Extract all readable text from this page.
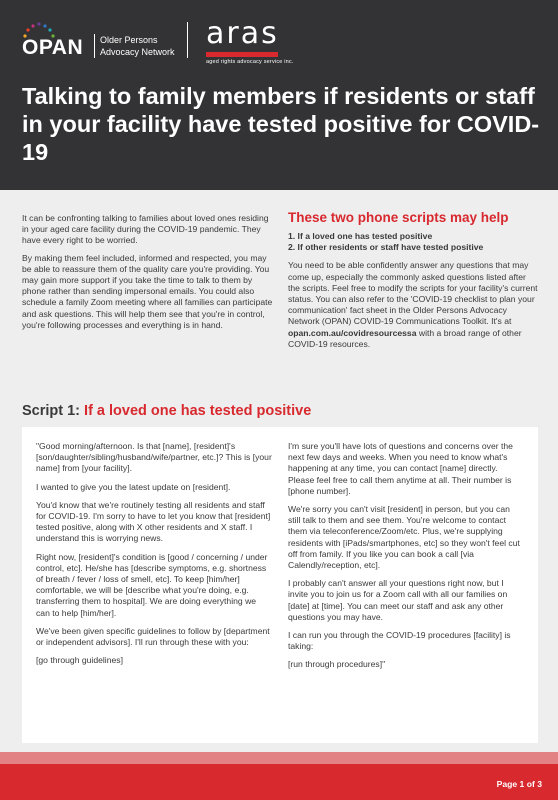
OPAN Older Persons
Advocacy Network
aras
aged rights advocacy service inc.
Talking to family members if residents or staff in your facility have tested positive for COVID-19

It can be confronting talking to families about loved ones residing in your aged care facility during the COVID-19 pandemic. They have every right to be worried.

By making them feel included, informed and respected, you may be able to reassure them of the quality care you're providing. You may gain more support if you take the time to talk to them by phone rather than sending impersonal emails. You could also schedule a family Zoom meeting where all families can participate and ask questions. This will help them see that you're in control, you're following processes and everything is in hand.

These two phone scripts may help
1. If a loved one has tested positive
2. If other residents or staff have tested positive

You need to be able confidently answer any questions that may come up, especially the commonly asked questions listed after the scripts. Feel free to modify the scripts for your facility's current status. You can also refer to the 'COVID-19 checklist to plan your communication' fact sheet in the Older Persons Advocacy Network (OPAN) COVID-19 Communications Toolkit. It's at opan.com.au/covidresourcessa with a broad range of other COVID-19 resources.

Script 1: If a loved one has tested positive

"Good morning/afternoon. Is that [name], [resident]'s [son/daughter/sibling/husband/wife/partner, etc.]? This is [your name] from [your facility].

I wanted to give you the latest update on [resident].

You'd know that we're routinely testing all residents and staff for COVID-19. I'm sorry to have to let you know that [resident] tested positive, along with X other residents and X staff. I understand this is worrying news.

Right now, [resident]'s condition is [good / concerning / under control, etc]. He/she has [describe symptoms, e.g. shortness of breath / fever / loss of smell, etc]. To keep [him/her] comfortable, we will be [describe what you're doing, e.g. transferring them to hospital]. We are doing everything we can to help [him/her].

We've been given specific guidelines to follow by [department or independent advisors]. I'll run through these with you:

[go through guidelines]

I'm sure you'll have lots of questions and concerns over the next few days and weeks. When you need to know what's happening at any time, you can contact [name] directly. Please feel free to call them anytime at all. Their number is [phone number].

We're sorry you can't visit [resident] in person, but you can still talk to them and see them. You're welcome to contact them via teleconference/Zoom/etc. Plus, we're supplying residents with [iPads/smartphones, etc] so they won't feel cut off from family. If you like you can book a call [via Calendly/reception, etc].

I probably can't answer all your questions right now, but I invite you to join us for a Zoom call with all our families on [date] at [time]. You can meet our staff and ask any other questions you may have.

I can run you through the COVID-19 procedures [facility] is taking:

[run through procedures]"

Page 1 of 3
